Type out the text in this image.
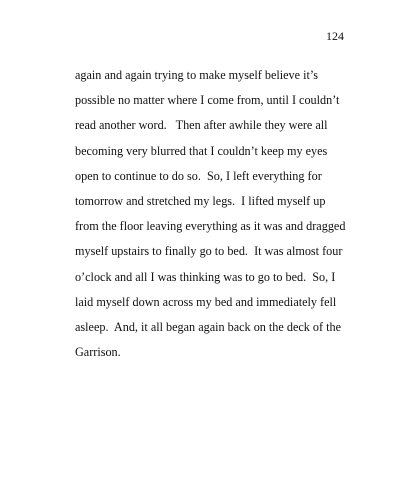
124
again and again trying to make myself believe it’s
possible no matter where I come from, until I couldn’t
read another word.   Then after awhile they were all
becoming very blurred that I couldn’t keep my eyes
open to continue to do so.  So, I left everything for
tomorrow and stretched my legs.  I lifted myself up
from the floor leaving everything as it was and dragged
myself upstairs to finally go to bed.  It was almost four
o’clock and all I was thinking was to go to bed.  So, I
laid myself down across my bed and immediately fell
asleep.  And, it all began again back on the deck of the
Garrison.
